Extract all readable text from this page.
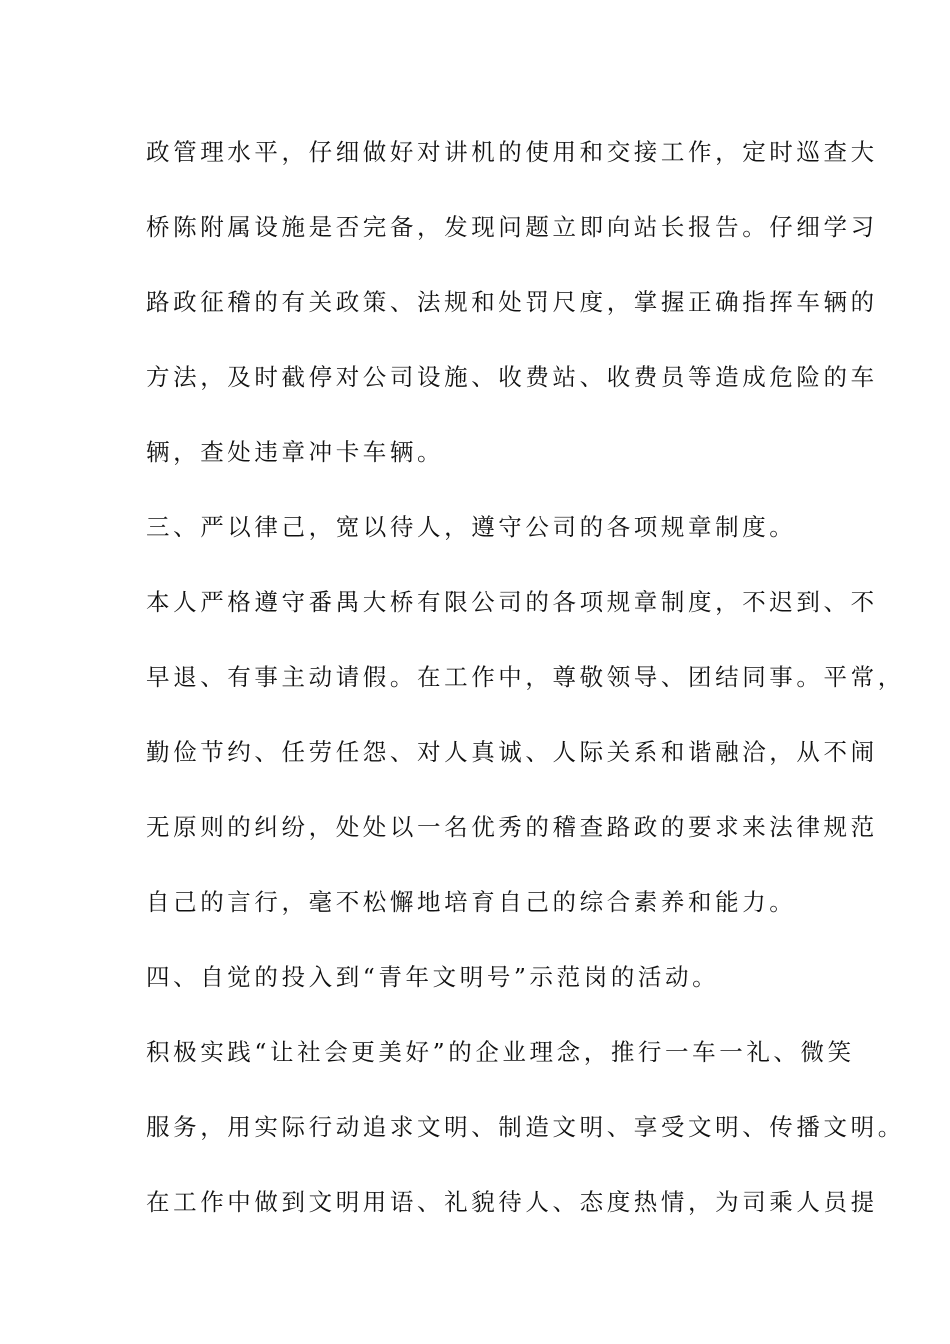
政管理水平，仔细做好对讲机的使用和交接工作，定时巡查大
桥陈附属设施是否完备，发现问题立即向站长报告。仔细学习
路政征稽的有关政策、法规和处罚尺度，掌握正确指挥车辆的
方法，及时截停对公司设施、收费站、收费员等造成危险的车
辆，查处违章冲卡车辆。
三、严以律己，宽以待人，遵守公司的各项规章制度。
本人严格遵守番禺大桥有限公司的各项规章制度，不迟到、不
早退、有事主动请假。在工作中，尊敬领导、团结同事。平常，
勤俭节约、任劳任怨、对人真诚、人际关系和谐融洽，从不闹
无原则的纠纷，处处以一名优秀的稽查路政的要求来法律规范
自己的言行，毫不松懈地培育自己的综合素养和能力。
四、自觉的投入到“青年文明号”示范岗的活动。
积极实践“让社会更美好”的企业理念，推行一车一礼、微笑
服务，用实际行动追求文明、制造文明、享受文明、传播文明。
在工作中做到文明用语、礼貌待人、态度热情，为司乘人员提
